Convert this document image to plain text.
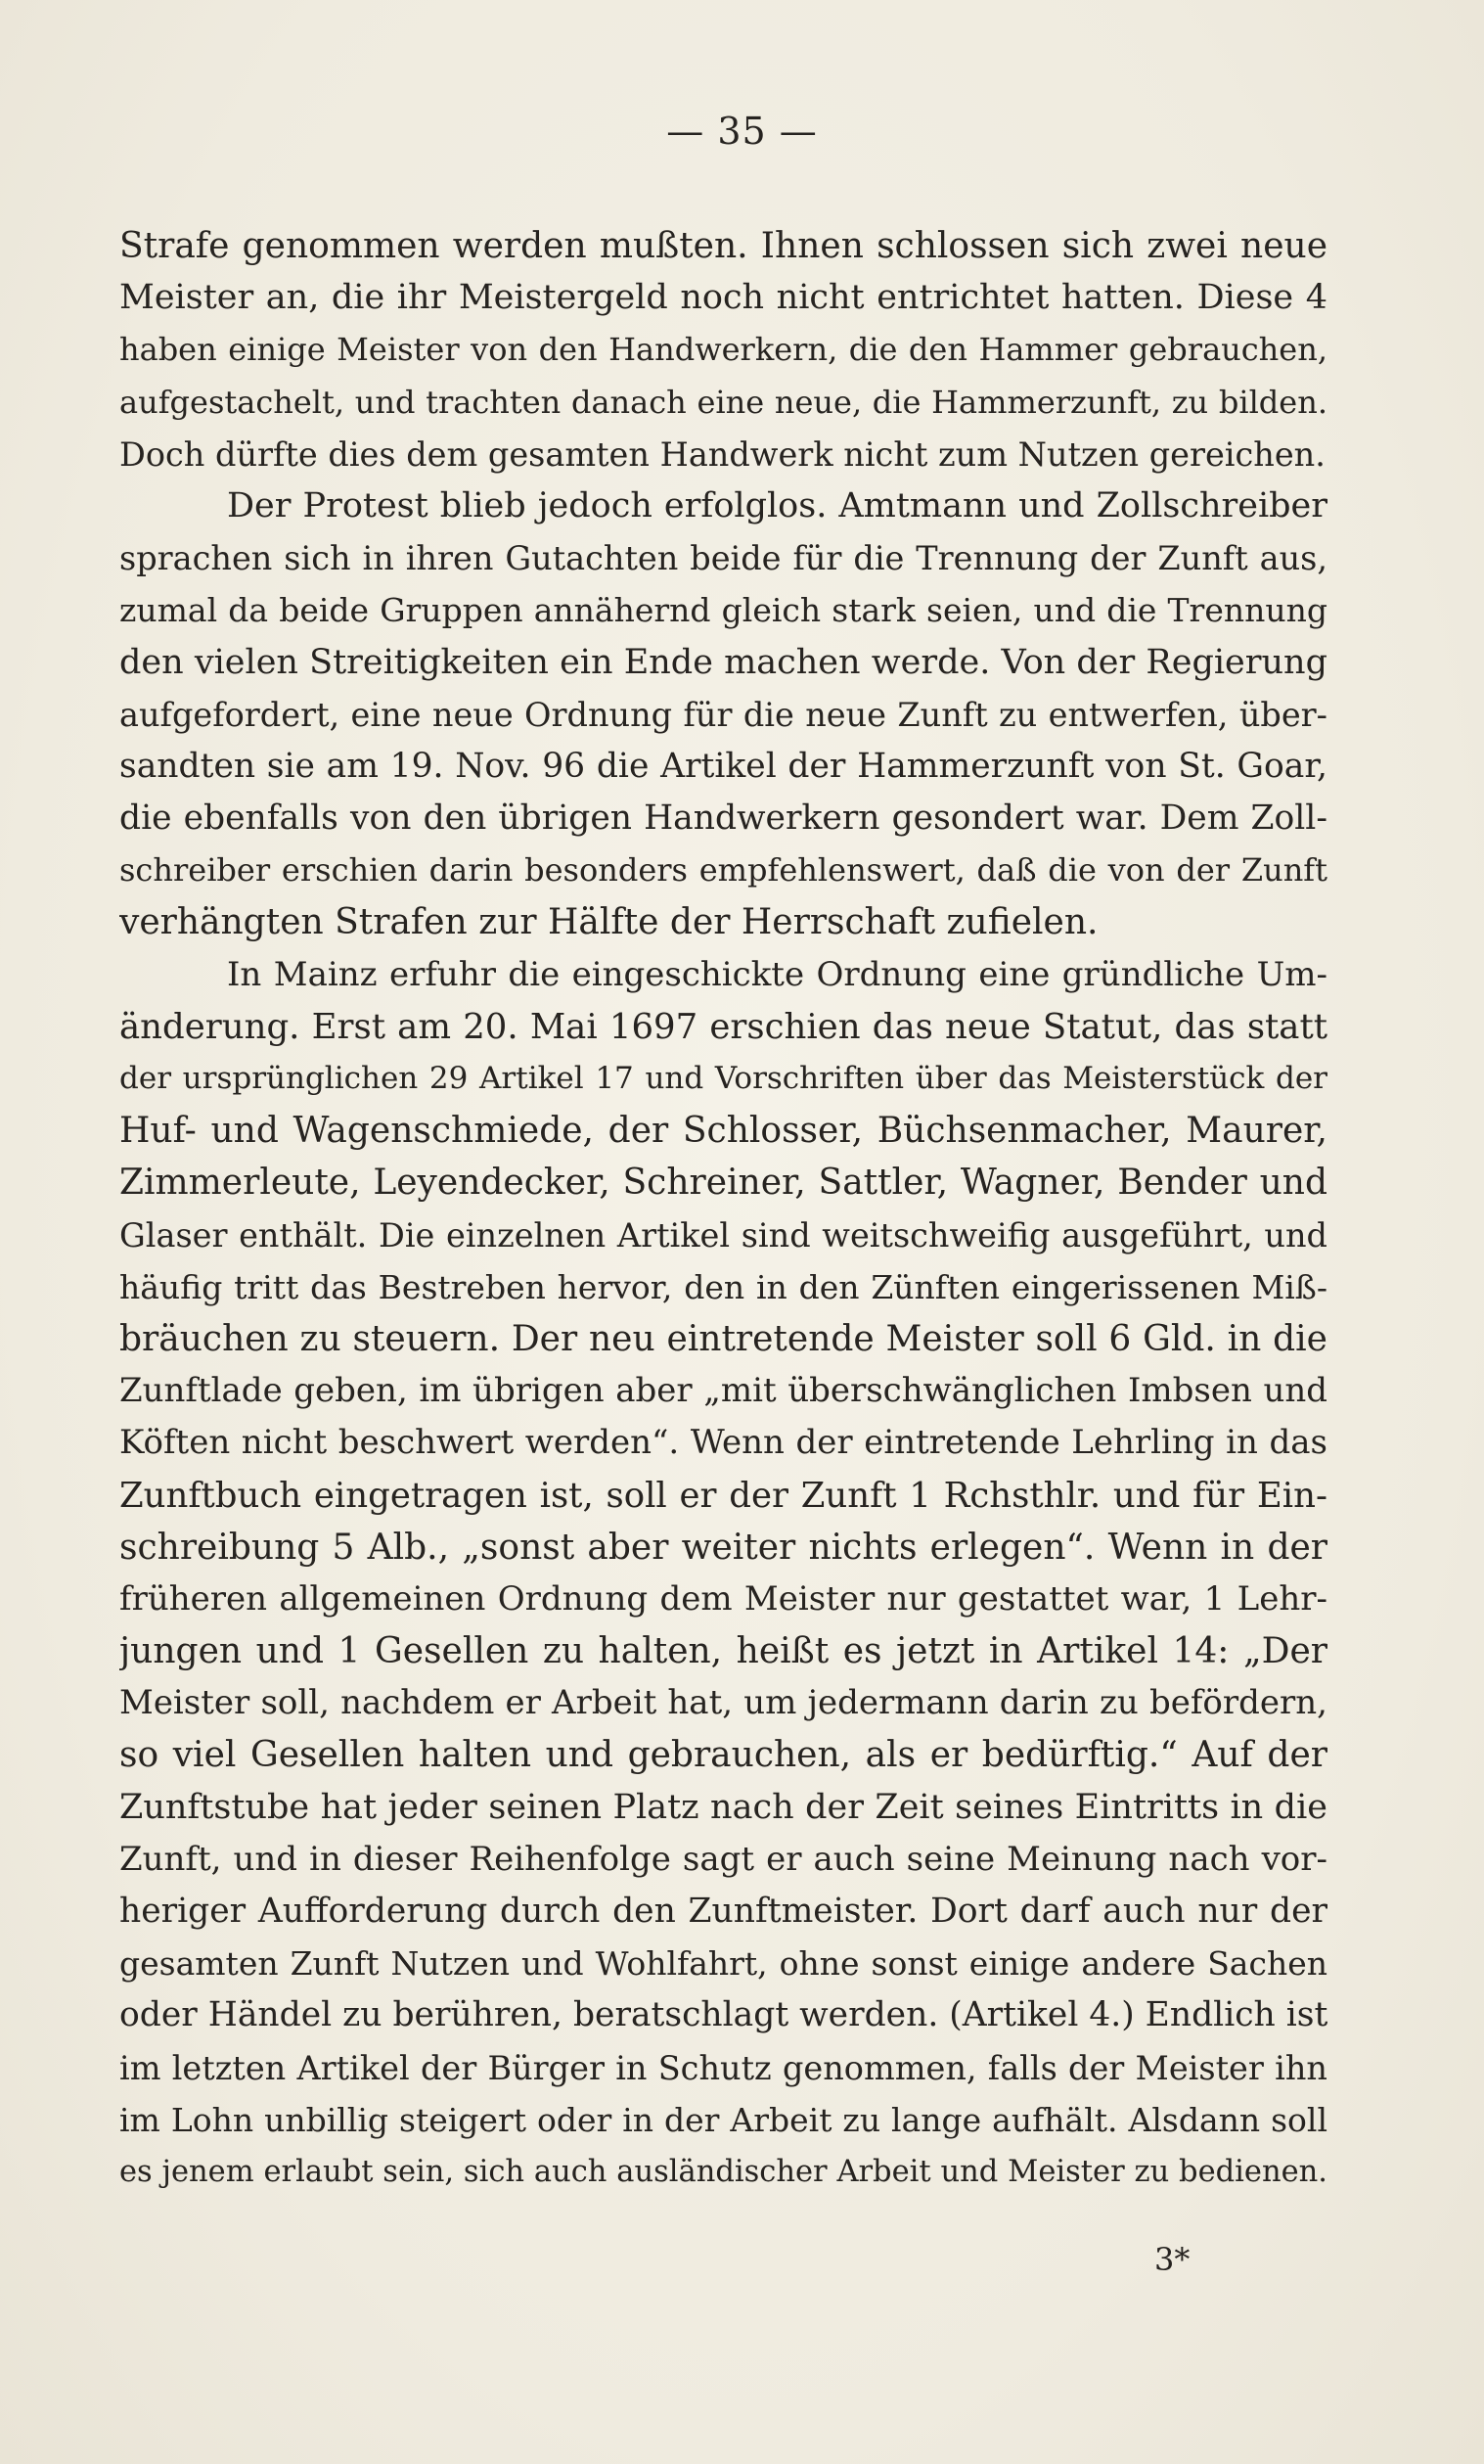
— 35 —
Strafe genommen werden mußten. Ihnen schlossen sich zwei neue
Meister an, die ihr Meistergeld noch nicht entrichtet hatten. Diese 4
haben einige Meister von den Handwerkern, die den Hammer gebrauchen,
aufgestachelt, und trachten danach eine neue, die Hammerzunft, zu bilden.
Doch dürfte dies dem gesamten Handwerk nicht zum Nutzen gereichen.
Der Protest blieb jedoch erfolglos. Amtmann und Zollschreiber
sprachen sich in ihren Gutachten beide für die Trennung der Zunft aus,
zumal da beide Gruppen annähernd gleich stark seien, und die Trennung
den vielen Streitigkeiten ein Ende machen werde. Von der Regierung
aufgefordert, eine neue Ordnung für die neue Zunft zu entwerfen, über-
sandten sie am 19. Nov. 96 die Artikel der Hammerzunft von St. Goar,
die ebenfalls von den übrigen Handwerkern gesondert war. Dem Zoll-
schreiber erschien darin besonders empfehlenswert, daß die von der Zunft
verhängten Strafen zur Hälfte der Herrschaft zufielen.
In Mainz erfuhr die eingeschickte Ordnung eine gründliche Um-
änderung. Erst am 20. Mai 1697 erschien das neue Statut, das statt
der ursprünglichen 29 Artikel 17 und Vorschriften über das Meisterstück der
Huf- und Wagenschmiede, der Schlosser, Büchsenmacher, Maurer,
Zimmerleute, Leyendecker, Schreiner, Sattler, Wagner, Bender und
Glaser enthält. Die einzelnen Artikel sind weitschweifig ausgeführt, und
häufig tritt das Bestreben hervor, den in den Zünften eingerissenen Miß-
bräuchen zu steuern. Der neu eintretende Meister soll 6 Gld. in die
Zunftlade geben, im übrigen aber „mit überschwänglichen Imbsen und
Köften nicht beschwert werden“. Wenn der eintretende Lehrling in das
Zunftbuch eingetragen ist, soll er der Zunft 1 Rchsthlr. und für Ein-
schreibung 5 Alb., „sonst aber weiter nichts erlegen“. Wenn in der
früheren allgemeinen Ordnung dem Meister nur gestattet war, 1 Lehr-
jungen und 1 Gesellen zu halten, heißt es jetzt in Artikel 14: „Der
Meister soll, nachdem er Arbeit hat, um jedermann darin zu befördern,
so viel Gesellen halten und gebrauchen, als er bedürftig.“ Auf der
Zunftstube hat jeder seinen Platz nach der Zeit seines Eintritts in die
Zunft, und in dieser Reihenfolge sagt er auch seine Meinung nach vor-
heriger Aufforderung durch den Zunftmeister. Dort darf auch nur der
gesamten Zunft Nutzen und Wohlfahrt, ohne sonst einige andere Sachen
oder Händel zu berühren, beratschlagt werden. (Artikel 4.) Endlich ist
im letzten Artikel der Bürger in Schutz genommen, falls der Meister ihn
im Lohn unbillig steigert oder in der Arbeit zu lange aufhält. Alsdann soll
es jenem erlaubt sein, sich auch ausländischer Arbeit und Meister zu bedienen.
3*
